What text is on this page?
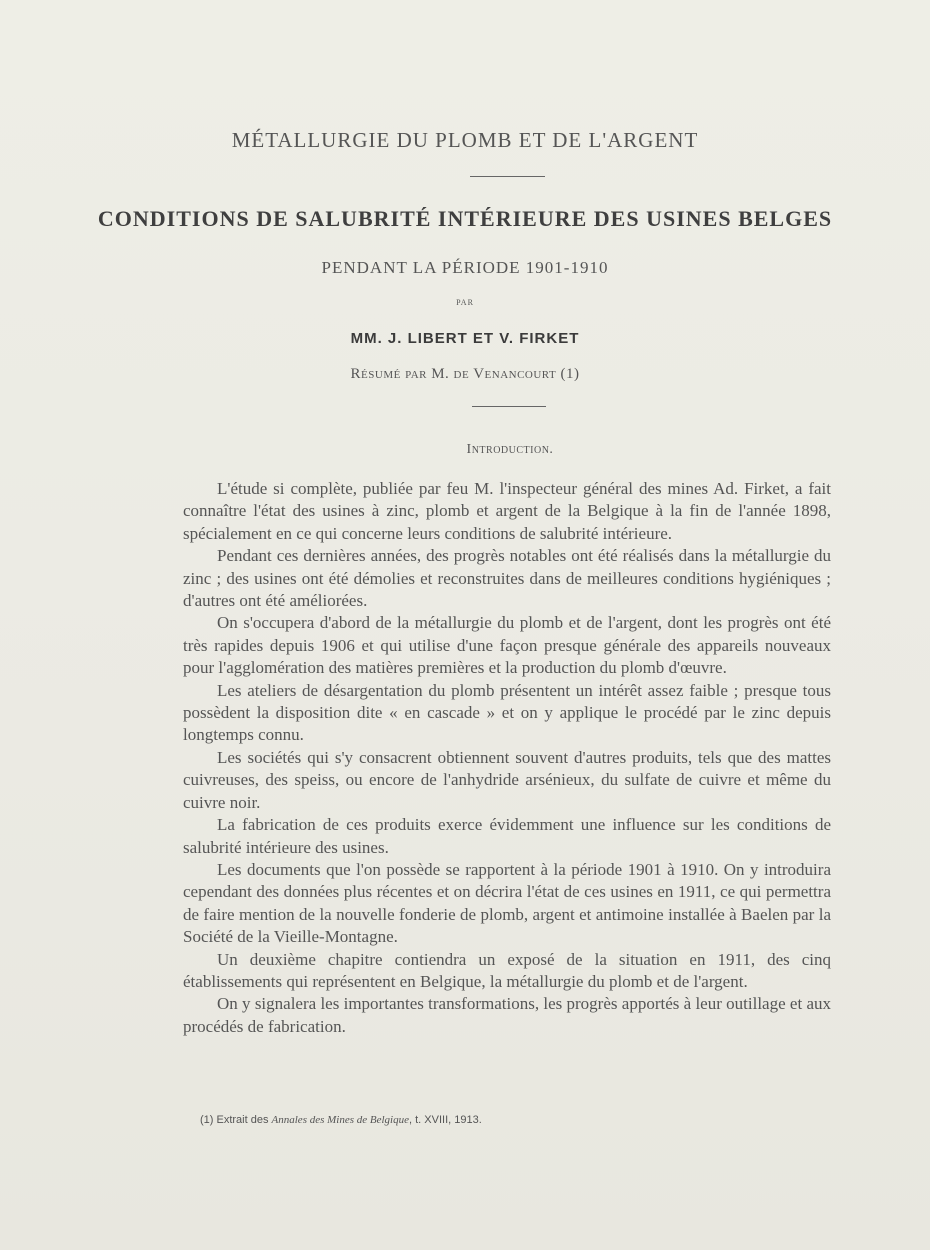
MÉTALLURGIE DU PLOMB ET DE L'ARGENT
CONDITIONS DE SALUBRITÉ INTÉRIEURE DES USINES BELGES
PENDANT LA PÉRIODE 1901-1910
PAR
MM. J. LIBERT ET V. FIRKET
Résumé par M. de Venancourt (1)
Introduction.

L'étude si complète, publiée par feu M. l'inspecteur général des mines Ad. Firket, a fait connaître l'état des usines à zinc, plomb et argent de la Belgique à la fin de l'année 1898, spécialement en ce qui concerne leurs conditions de salubrité intérieure.

Pendant ces dernières années, des progrès notables ont été réalisés dans la métallurgie du zinc ; des usines ont été démolies et reconstruites dans de meilleures conditions hygiéniques ; d'autres ont été améliorées.

On s'occupera d'abord de la métallurgie du plomb et de l'argent, dont les progrès ont été très rapides depuis 1906 et qui utilise d'une façon presque générale des appareils nouveaux pour l'agglomération des matières premières et la production du plomb d'œuvre.

Les ateliers de désargentation du plomb présentent un intérêt assez faible ; presque tous possèdent la disposition dite « en cascade » et on y applique le procédé par le zinc depuis longtemps connu.

Les sociétés qui s'y consacrent obtiennent souvent d'autres produits, tels que des mattes cuivreuses, des speiss, ou encore de l'anhydride arsénieux, du sulfate de cuivre et même du cuivre noir.

La fabrication de ces produits exerce évidemment une influence sur les conditions de salubrité intérieure des usines.

Les documents que l'on possède se rapportent à la période 1901 à 1910. On y introduira cependant des données plus récentes et on décrira l'état de ces usines en 1911, ce qui permettra de faire mention de la nouvelle fonderie de plomb, argent et antimoine installée à Baelen par la Société de la Vieille-Montagne.

Un deuxième chapitre contiendra un exposé de la situation en 1911, des cinq établissements qui représentent en Belgique, la métallurgie du plomb et de l'argent.

On y signalera les importantes transformations, les progrès apportés à leur outillage et aux procédés de fabrication.

(1) Extrait des Annales des Mines de Belgique, t. XVIII, 1913.
